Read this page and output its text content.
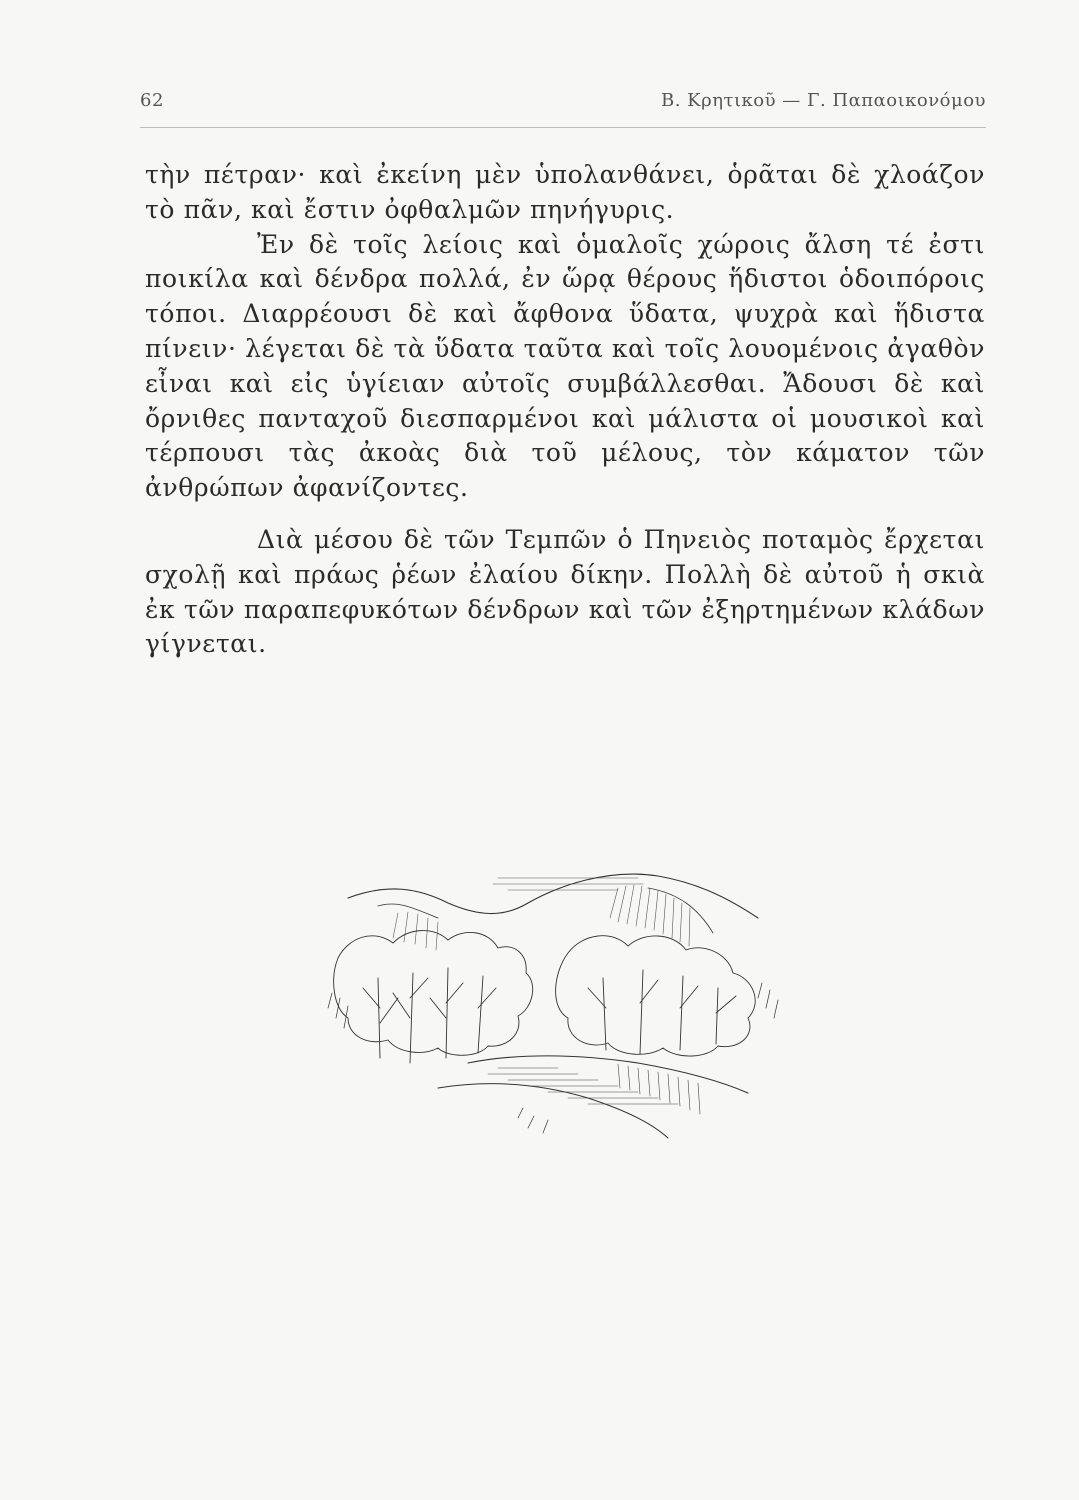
62	Β. Κρητικοῦ — Γ. Παπαοικονόμου

τὴν πέτραν· καὶ ἐκείνη μὲν ὑπολανθάνει, ὁρᾶται δὲ χλοάζον τὸ πᾶν, καὶ ἔστιν ὀφθαλμῶν πηνήγυρις.

Ἐν δὲ τοῖς λείοις καὶ ὁμαλοῖς χώροις ἄλση τέ ἐστι ποικίλα καὶ δένδρα πολλά, ἐν ὥρᾳ θέρους ἥδιστοι ὁδοιπόροις τόποι. Διαρρέουσι δὲ καὶ ἄφθονα ὕδατα, ψυχρὰ καὶ ἥδιστα πίνειν· λέγεται δὲ τὰ ὕδατα ταῦτα καὶ τοῖς λουομένοις ἀγαθὸν εἶναι καὶ εἰς ὑγίειαν αὐτοῖς συμβάλλεσθαι. Ἄδουσι δὲ καὶ ὄρνιθες πανταχοῦ διεσπαρμένοι καὶ μάλιστα οἱ μουσικοὶ καὶ τέρπουσι τὰς ἀκοὰς διὰ τοῦ μέλους, τὸν κάματον τῶν ἀνθρώπων ἀφανίζοντες.

Διὰ μέσου δὲ τῶν Τεμπῶν ὁ Πηνειὸς ποταμὸς ἔρχεται σχολῇ καὶ πράως ῥέων ἐλαίου δίκην. Πολλὴ δὲ αὐτοῦ ἡ σκιὰ ἐκ τῶν παραπεφυκότων δένδρων καὶ τῶν ἐξηρτημένων κλάδων γίγνεται.
